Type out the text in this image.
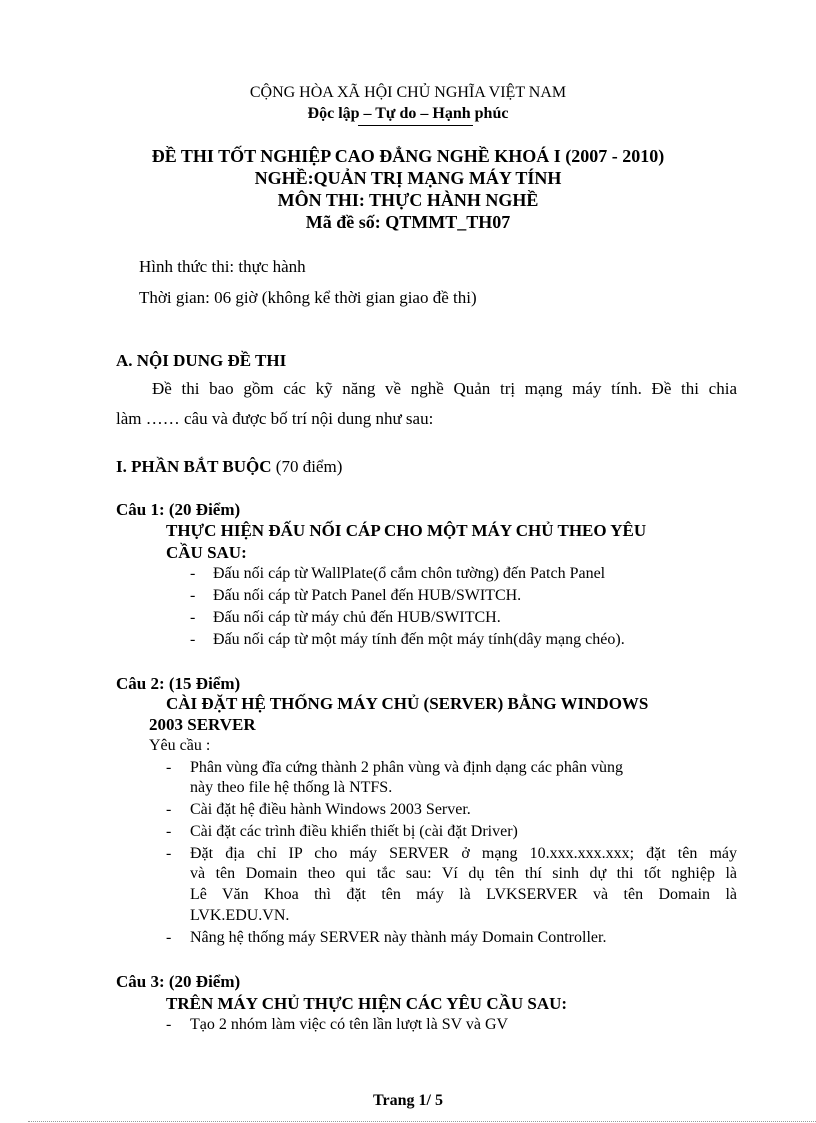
CỘNG HÒA XÃ HỘI CHỦ NGHĨA VIỆT NAM
Độc lập – Tự do – Hạnh phúc
ĐỀ THI TỐT NGHIỆP CAO ĐẲNG NGHỀ KHOÁ I (2007 - 2010)
NGHỀ:QUẢN TRỊ MẠNG MÁY TÍNH
MÔN THI: THỰC HÀNH NGHỀ
Mã đề số: QTMMT_TH07
Hình thức thi: thực hành
Thời gian: 06 giờ (không kể thời gian giao đề thi)
A. NỘI DUNG ĐỀ THI
Đề thi bao gồm các kỹ năng về nghề Quản trị mạng máy tính. Đề thi chia
làm …… câu và được bố trí nội dung như sau:
I. PHẦN BẮT BUỘC (70 điểm)
Câu 1: (20 Điểm)
THỰC HIỆN ĐẤU NỐI CÁP CHO MỘT MÁY CHỦ THEO YÊU
CẦU SAU:
- Đấu nối cáp từ WallPlate(ổ cắm chôn tường) đến Patch Panel
- Đấu nối cáp từ Patch Panel đến HUB/SWITCH.
- Đấu nối cáp từ máy chủ đến HUB/SWITCH.
- Đấu nối cáp từ một máy tính đến một máy tính(dây mạng chéo).
Câu 2: (15 Điểm)
CÀI ĐẶT HỆ THỐNG MÁY CHỦ (SERVER) BẰNG WINDOWS
2003 SERVER
Yêu cầu :
- Phân vùng đĩa cứng thành 2 phân vùng và định dạng các phân vùng
này theo file hệ thống là NTFS.
- Cài đặt hệ điều hành Windows 2003 Server.
- Cài đặt các trình điều khiển thiết bị (cài đặt Driver)
- Đặt địa chỉ IP cho máy SERVER ở mạng 10.xxx.xxx.xxx; đặt tên máy
và tên Domain theo qui tắc sau: Ví dụ tên thí sinh dự thi tốt nghiệp là
Lê Văn Khoa thì đặt tên máy là LVKSERVER và tên Domain là
LVK.EDU.VN.
- Nâng hệ thống máy SERVER này thành máy Domain Controller.
Câu 3: (20 Điểm)
TRÊN MÁY CHỦ THỰC HIỆN CÁC YÊU CẦU SAU:
- Tạo 2 nhóm làm việc có tên lần lượt là SV và GV
Trang 1/ 5
